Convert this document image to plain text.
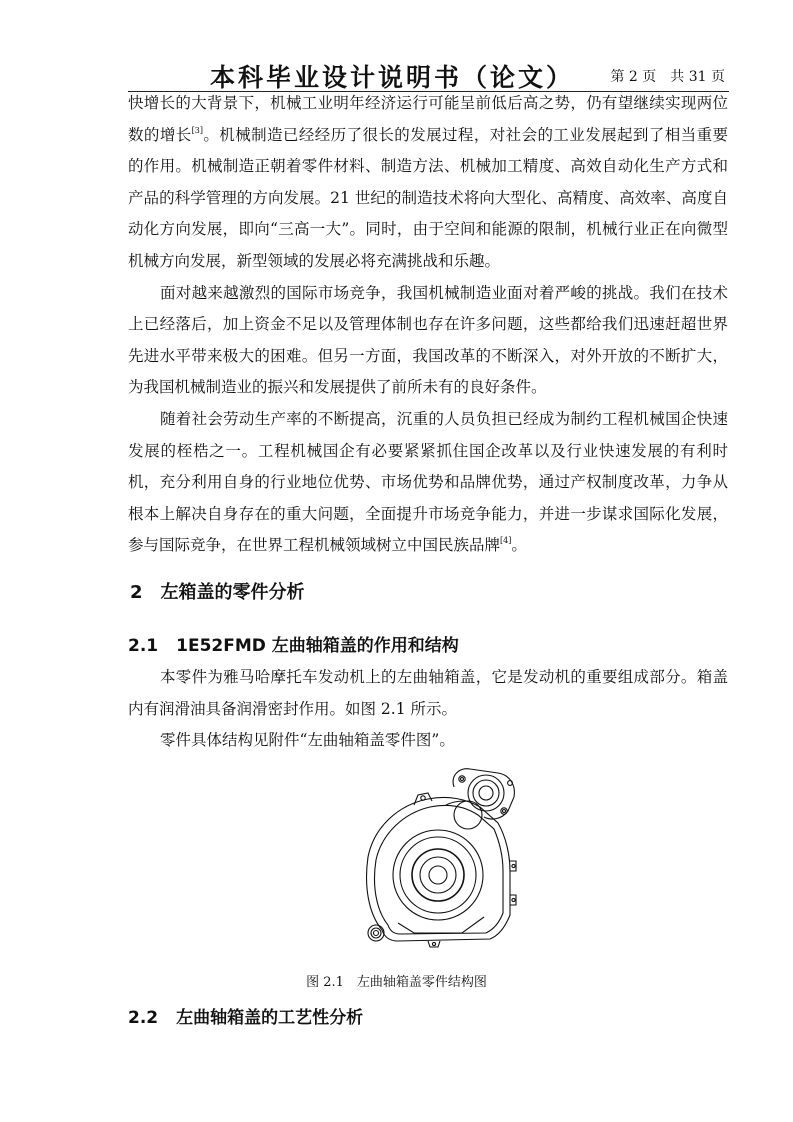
本科毕业设计说明书（论文）	第 2 页　共 31 页

快增长的大背景下，机械工业明年经济运行可能呈前低后高之势，仍有望继续实现两位数的增长[3]。机械制造已经经历了很长的发展过程，对社会的工业发展起到了相当重要的作用。机械制造正朝着零件材料、制造方法、机械加工精度、高效自动化生产方式和产品的科学管理的方向发展。21 世纪的制造技术将向大型化、高精度、高效率、高度自动化方向发展，即向“三高一大”。同时，由于空间和能源的限制，机械行业正在向微型机械方向发展，新型领域的发展必将充满挑战和乐趣。

面对越来越激烈的国际市场竞争，我国机械制造业面对着严峻的挑战。我们在技术上已经落后，加上资金不足以及管理体制也存在许多问题，这些都给我们迅速赶超世界先进水平带来极大的困难。但另一方面，我国改革的不断深入，对外开放的不断扩大，为我国机械制造业的振兴和发展提供了前所未有的良好条件。

随着社会劳动生产率的不断提高，沉重的人员负担已经成为制约工程机械国企快速发展的桎梏之一。工程机械国企有必要紧紧抓住国企改革以及行业快速发展的有利时机，充分利用自身的行业地位优势、市场优势和品牌优势，通过产权制度改革，力争从根本上解决自身存在的重大问题，全面提升市场竞争能力，并进一步谋求国际化发展，参与国际竞争，在世界工程机械领域树立中国民族品牌[4]。

2 左箱盖的零件分析
2.1 1E52FMD 左曲轴箱盖的作用和结构

本零件为雅马哈摩托车发动机上的左曲轴箱盖，它是发动机的重要组成部分。箱盖内有润滑油具备润滑密封作用。如图 2.1 所示。

零件具体结构见附件“左曲轴箱盖零件图”。

图 2.1　左曲轴箱盖零件结构图
2.2 左曲轴箱盖的工艺性分析
